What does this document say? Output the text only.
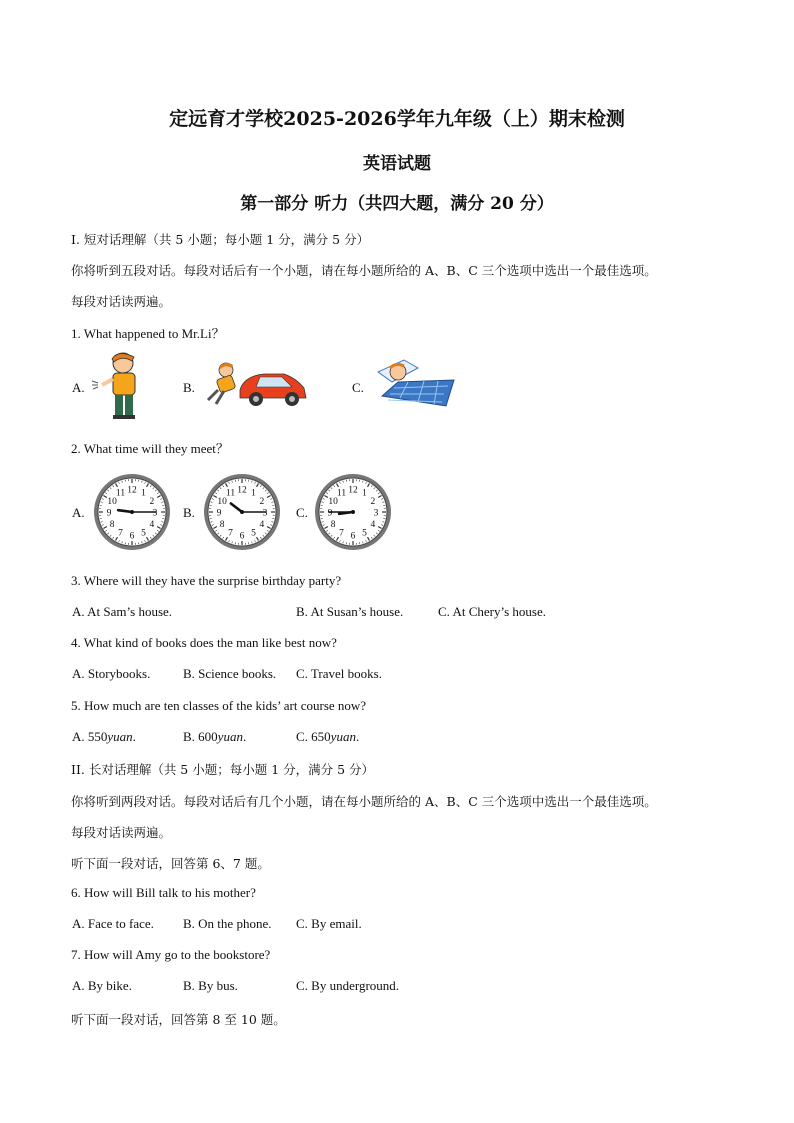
定远育才学校2025-2026学年九年级（上）期末检测
英语试题
第一部分 听力（共四大题，满分 20 分）
I. 短对话理解（共 5 小题；每小题 1 分，满分 5 分）
你将听到五段对话。每段对话后有一个小题，请在每小题所给的 A、B、C 三个选项中选出一个最佳选项。
每段对话读两遍。
1. What happened to Mr.Li？
A.	B.	C.
2. What time will they meet？
A.
12 1
2
3
4
5
6
7
8
9
10
11
B.
12 1
2
3
4
5
6
7
8
9
10
11
C.
12 1
2
3
4
5
6
7
8
9
10
11
3. Where will they have the surprise birthday party?
A. At Sam’s house.	B. At Susan’s house.	C. At Chery’s house.
4. What kind of books does the man like best now?
A. Storybooks.	B. Science books. C. Travel books.
5. How much are ten classes of the kids’ art course now?
A. 550yuan.	B. 600yuan.	C. 650yuan.
II. 长对话理解（共 5 小题；每小题 1 分，满分 5 分）
你将听到两段对话。每段对话后有几个小题，请在每小题所给的 A、B、C 三个选项中选出一个最佳选项。
每段对话读两遍。
听下面一段对话，回答第 6、7 题。
6. How will Bill talk to his mother?
A. Face to face. B. On the phone. C. By email.
7. How will Amy go to the bookstore?
A. By bike.	B. By bus.	C. By underground.
听下面一段对话，回答第 8 至 10 题。
